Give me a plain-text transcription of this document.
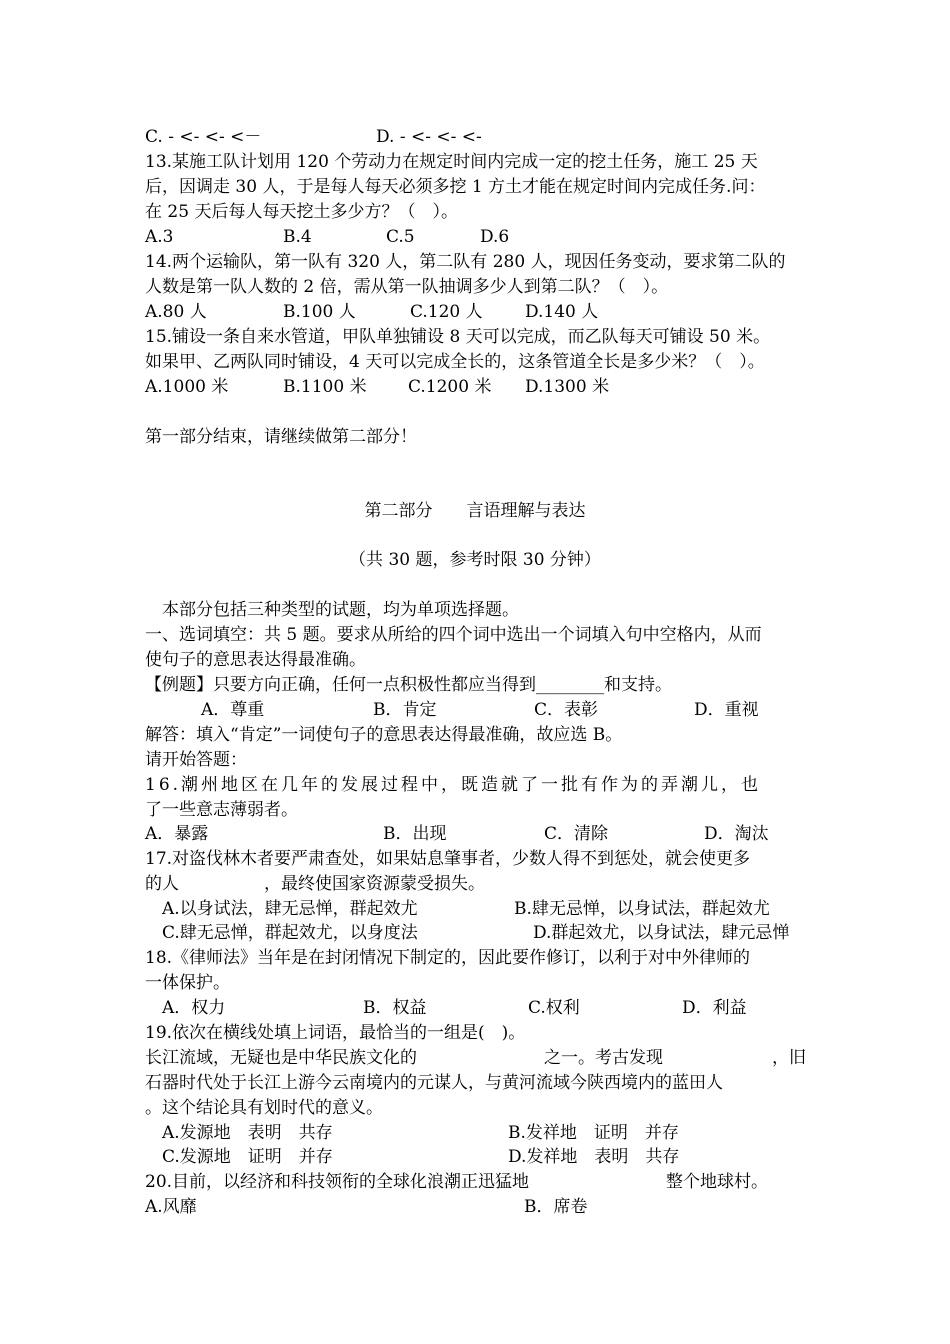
C. - <- <- <－	D. - <- <- <-
13.某施工队计划用 120 个劳动力在规定时间内完成一定的挖土任务，施工 25 天
后，因调走 30 人，于是每人每天必须多挖 1 方土才能在规定时间内完成任务.问：
在 25 天后每人每天挖土多少方？（　）。
A.3	B.4	C.5	D.6
14.两个运输队，第一队有 320 人，第二队有 280 人，现因任务变动，要求第二队的
人数是第一队人数的 2 倍，需从第一队抽调多少人到第二队？（　）。
A.80 人	B.100 人	C.120 人 D.140 人
15.铺设一条自来水管道，甲队单独铺设 8 天可以完成，而乙队每天可铺设 50 米。
如果甲、乙两队同时铺设，4 天可以完成全长的，这条管道全长是多少米？（　）。
A.1000 米	B.1100 米 C.1200 米 D.1300 米
第一部分结束，请继续做第二部分！
第二部分　　言语理解与表达
（共 30 题，参考时限 30 分钟）
本部分包括三种类型的试题，均为单项选择题。
一、选词填空：共 5 题。要求从所给的四个词中选出一个词填入句中空格内，从而
使句子的意思表达得最准确。
【例题】只要方向正确，任何一点积极性都应当得到________和支持。
A．尊重	B．肯定	C．表彰	D．重视
解答：填入“肯定”一词使句子的意思表达得最准确，故应选 B。
请开始答题：
16.潮州地区在几年的发展过程中，既造就了一批有作为的弄潮儿，也
了一些意志薄弱者。
A．暴露	B．出现	C．清除	D．淘汰
17.对盗伐林木者要严肃查处，如果姑息肇事者，少数人得不到惩处，就会使更多
的人　　　　　，最终使国家资源蒙受损失。
A.以身试法，肆无忌惮，群起效尤	B.肆无忌惮，以身试法，群起效尤
C.肆无忌惮，群起效尤，以身度法	D.群起效尤，以身试法，肆元忌惮
18.《律师法》当年是在封闭情况下制定的，因此要作修订，以利于对中外律师的
一体保护。
A．权力	B．权益	C.权利	D．利益
19.依次在横线处填上词语，最恰当的一组是(　)。
长江流域，无疑也是中华民族文化的	之一。考古发现	，旧
石器时代处于长江上游今云南境内的元谋人，与黄河流域今陕西境内的蓝田人
。这个结论具有划时代的意义。
A.发源地　表明　共存	B.发祥地　证明　并存
C.发源地　证明　并存	D.发祥地　表明　共存
20.目前，以经济和科技领衔的全球化浪潮正迅猛地	整个地球村。
A.风靡	B．席卷
